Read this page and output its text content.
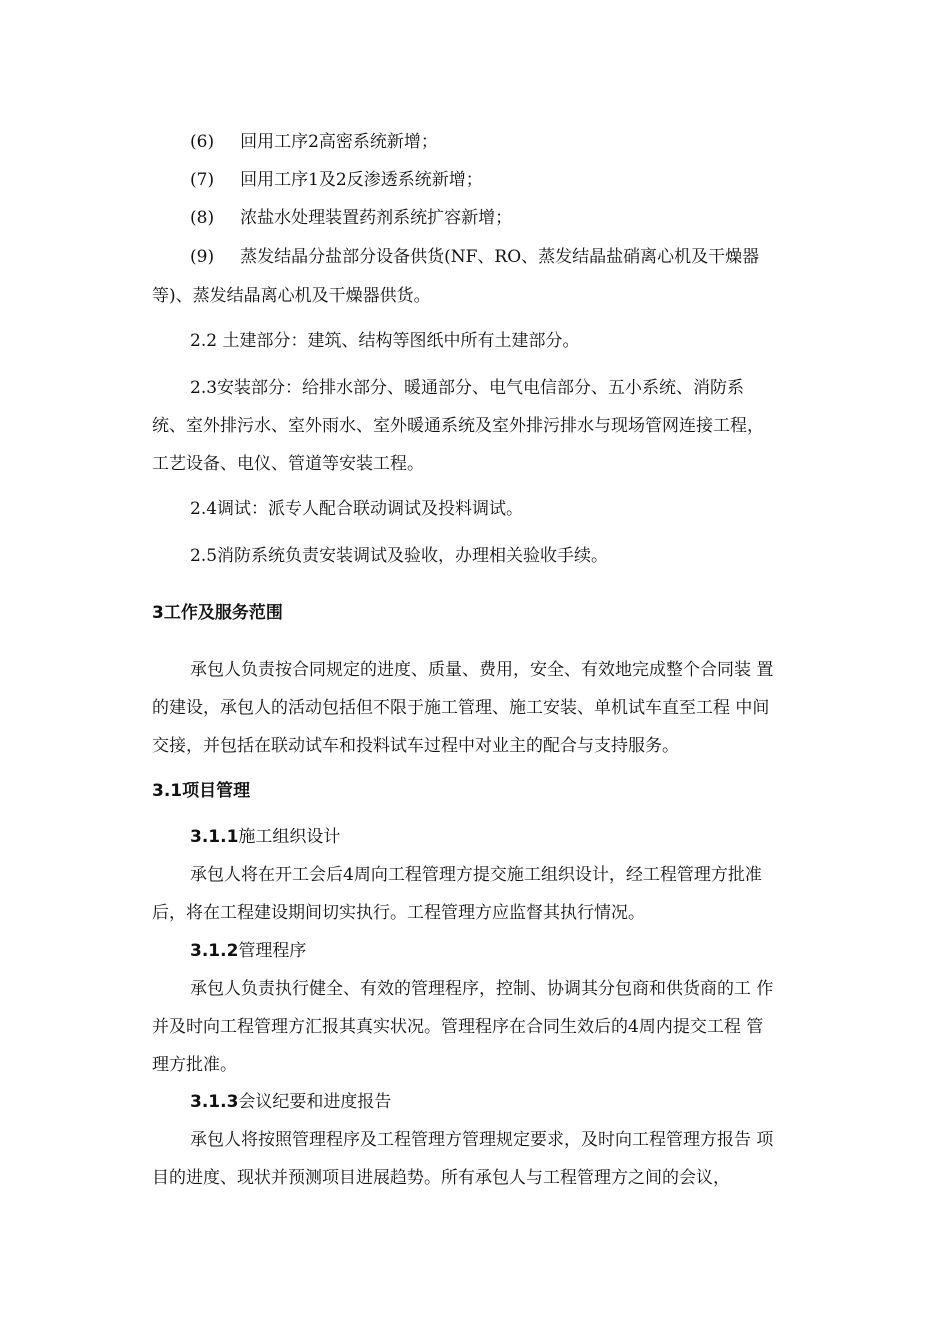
(6) 回用工序2高密系统新增；
(7) 回用工序1及2反渗透系统新增；
(8) 浓盐水处理装置药剂系统扩容新增；
(9) 蒸发结晶分盐部分设备供货(NF、RO、蒸发结晶盐硝离心机及干燥器
等)、蒸发结晶离心机及干燥器供货。
2.2 土建部分：建筑、结构等图纸中所有土建部分。
2.3安装部分：给排水部分、暖通部分、电气电信部分、五小系统、消防系
统、室外排污水、室外雨水、室外暖通系统及室外排污排水与现场管网连接工程，
工艺设备、电仪、管道等安装工程。
2.4调试：派专人配合联动调试及投料调试。
2.5消防系统负责安装调试及验收，办理相关验收手续。
3工作及服务范围
承包人负责按合同规定的进度、质量、费用，安全、有效地完成整个合同装 置
的建设，承包人的活动包括但不限于施工管理、施工安装、单机试车直至工程 中间
交接，并包括在联动试车和投料试车过程中对业主的配合与支持服务。
3.1项目管理
3.1.1施工组织设计
承包人将在开工会后4周向工程管理方提交施工组织设计，经工程管理方批准
后，将在工程建设期间切实执行。工程管理方应监督其执行情况。
3.1.2管理程序
承包人负责执行健全、有效的管理程序，控制、协调其分包商和供货商的工 作
并及时向工程管理方汇报其真实状况。管理程序在合同生效后的4周内提交工程 管
理方批准。
3.1.3会议纪要和进度报告
承包人将按照管理程序及工程管理方管理规定要求，及时向工程管理方报告 项
目的进度、现状并预测项目进展趋势。所有承包人与工程管理方之间的会议，
